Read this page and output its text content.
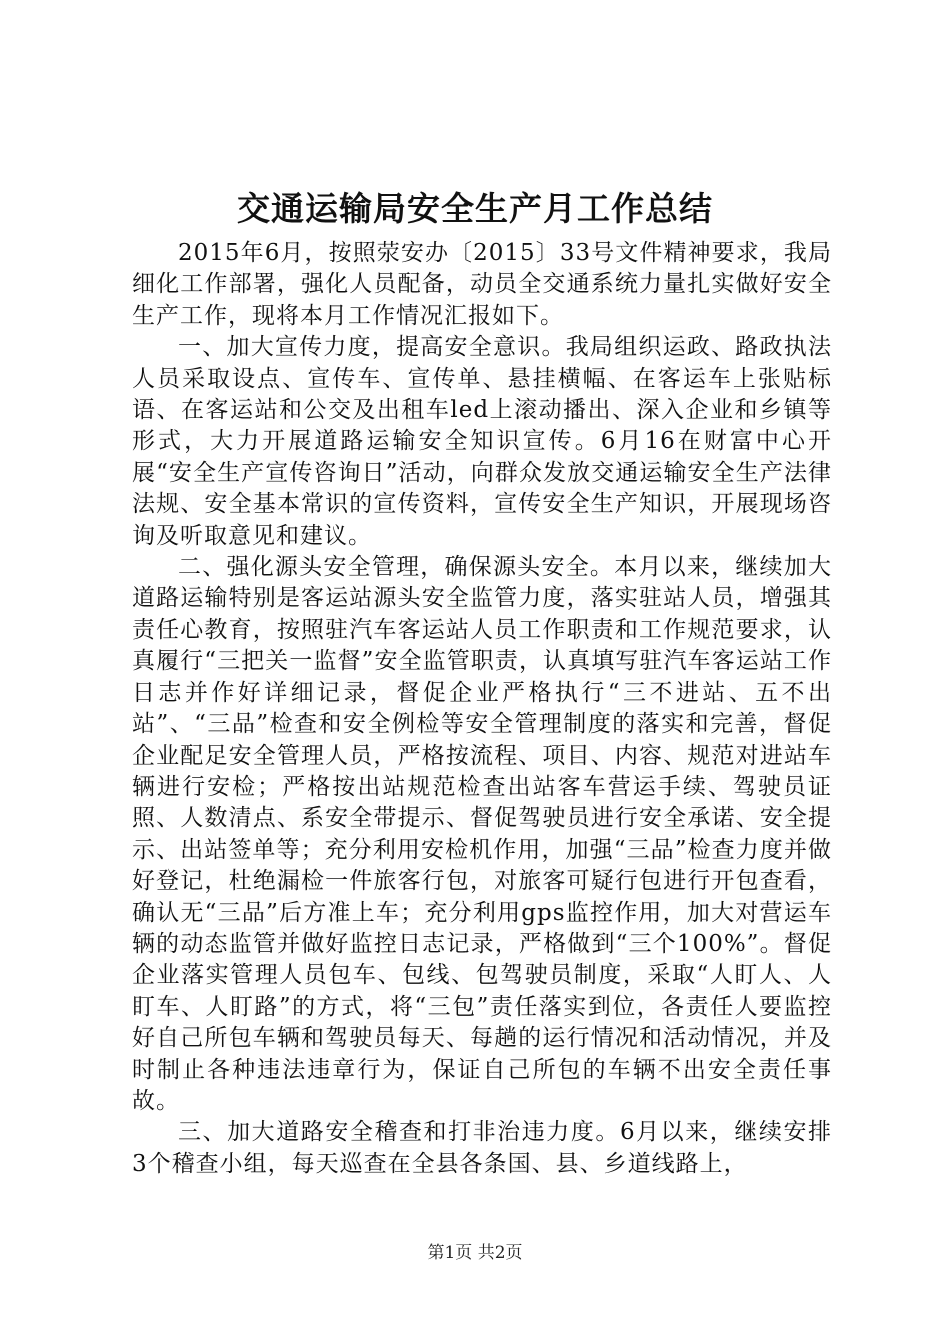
交通运输局安全生产月工作总结

2015年6月，按照荥安办〔2015〕33号文件精神要求，我局细化工作部署，强化人员配备，动员全交通系统力量扎实做好安全生产工作，现将本月工作情况汇报如下。

一、加大宣传力度，提高安全意识。我局组织运政、路政执法人员采取设点、宣传车、宣传单、悬挂横幅、在客运车上张贴标语、在客运站和公交及出租车led上滚动播出、深入企业和乡镇等形式，大力开展道路运输安全知识宣传。6月16在财富中心开展“安全生产宣传咨询日”活动，向群众发放交通运输安全生产法律法规、安全基本常识的宣传资料，宣传安全生产知识，开展现场咨询及听取意见和建议。

二、强化源头安全管理，确保源头安全。本月以来，继续加大道路运输特别是客运站源头安全监管力度，落实驻站人员，增强其责任心教育，按照驻汽车客运站人员工作职责和工作规范要求，认真履行“三把关一监督”安全监管职责，认真填写驻汽车客运站工作日志并作好详细记录，督促企业严格执行“三不进站、五不出站”、“三品”检查和安全例检等安全管理制度的落实和完善，督促企业配足安全管理人员，严格按流程、项目、内容、规范对进站车辆进行安检；严格按出站规范检查出站客车营运手续、驾驶员证照、人数清点、系安全带提示、督促驾驶员进行安全承诺、安全提示、出站签单等；充分利用安检机作用，加强“三品”检查力度并做好登记，杜绝漏检一件旅客行包，对旅客可疑行包进行开包查看，确认无“三品”后方准上车；充分利用gps监控作用，加大对营运车辆的动态监管并做好监控日志记录，严格做到“三个100%”。督促企业落实管理人员包车、包线、包驾驶员制度，采取“人盯人、人盯车、人盯路”的方式，将“三包”责任落实到位，各责任人要监控好自己所包车辆和驾驶员每天、每趟的运行情况和活动情况，并及时制止各种违法违章行为，保证自己所包的车辆不出安全责任事故。

三、加大道路安全稽查和打非治违力度。6月以来，继续安排3个稽查小组，每天巡查在全县各条国、县、乡道线路上，

第1页 共2页
